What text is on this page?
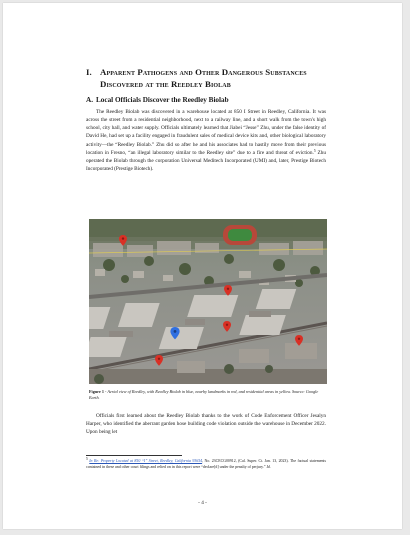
I. Apparent Pathogens and Other Dangerous Substances Discovered at the Reedley Biolab
A. Local Officials Discover the Reedley Biolab

The Reedley Biolab was discovered in a warehouse located at 850 I Street in Reedley, California. It was across the street from a residential neighborhood, next to a railway line, and a short walk from the town's high school, city hall, and water supply. Officials ultimately learned that Jiabei “Jesse” Zhu, under the false identity of David He, had set up a facility engaged in fraudulent sales of medical device kits and, other biological laboratory activity—the “Reedley Biolab.” Zhu did so after he and his associates had to hastily move from their previous location in Fresno, “an illegal laboratory similar to the Reedley site” due to a fire and threat of eviction.$^5$ Zhu operated the Biolab through the corporation Universal Meditech Incorporated (UMI) and, later, Prestige Biotech Incorporated (Prestige Biotech).

Figure 1 - Aerial view of Reedley, with Reedley Biolab in blue, nearby landmarks in red, and residential areas in yellow. Source: Google Earth.

Officials first learned about the Reedley Biolab thanks to the work of Code Enforcement Officer Jesalyn Harper, who identified the aberrant garden hose building code violation outside the warehouse in December 2022. Upon being let

$^5$ In Re: Property Located at 850 “I” Street, Reedley, California 93654, No. 23CECG00912, (Cal. Super. Ct. Jan. 13, 2023). The factual statements contained in these and other court filings and relied on in this report were “declare[d] under the penalty of perjury.” Id.

- 4 -
